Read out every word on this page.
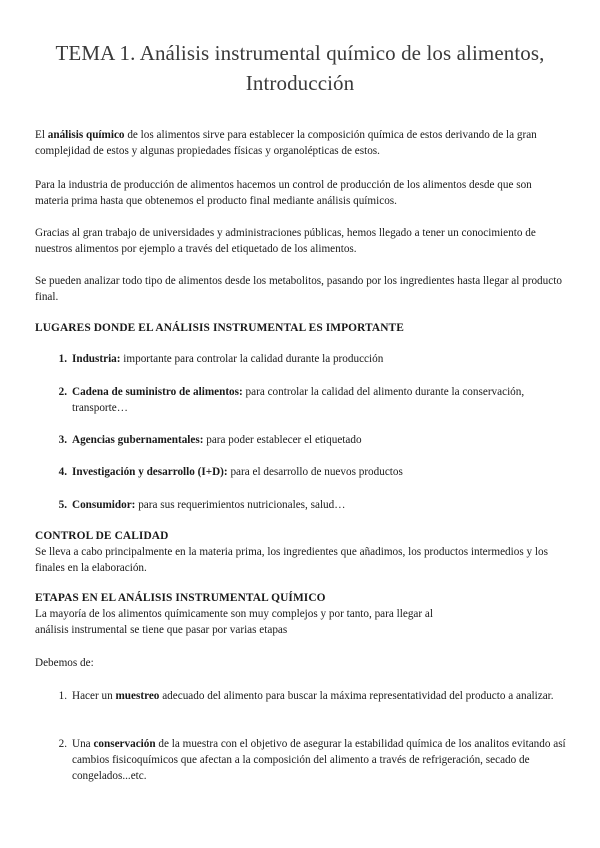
TEMA 1. Análisis instrumental químico de los alimentos,
Introducción

El análisis químico de los alimentos sirve para establecer la composición química de estos derivando de la gran complejidad de estos y algunas propiedades físicas y organolépticas de estos.

Para la industria de producción de alimentos hacemos un control de producción de los alimentos desde que son materia prima hasta que obtenemos el producto final mediante análisis químicos.

Gracias al gran trabajo de universidades y administraciones públicas, hemos llegado a tener un conocimiento de nuestros alimentos por ejemplo a través del etiquetado de los alimentos.

Se pueden analizar todo tipo de alimentos desde los metabolitos, pasando por los ingredientes hasta llegar al producto final.

LUGARES DONDE EL ANÁLISIS INSTRUMENTAL ES IMPORTANTE

1. Industria: importante para controlar la calidad durante la producción
2. Cadena de suministro de alimentos: para controlar la calidad del alimento durante la conservación, transporte…
3. Agencias gubernamentales: para poder establecer el etiquetado
4. Investigación y desarrollo (I+D): para el desarrollo de nuevos productos
5. Consumidor: para sus requerimientos nutricionales, salud…

CONTROL DE CALIDAD

Se lleva a cabo principalmente en la materia prima, los ingredientes que añadimos, los productos intermedios y los finales en la elaboración.

ETAPAS EN EL ANÁLISIS INSTRUMENTAL QUÍMICO

La mayoría de los alimentos químicamente son muy complejos y por tanto, para llegar al

análisis instrumental se tiene que pasar por varias etapas

Debemos de:

1. Hacer un muestreo adecuado del alimento para buscar la máxima representatividad del producto a analizar.
2. Una conservación de la muestra con el objetivo de asegurar la estabilidad química de los analitos evitando así cambios fisicoquímicos que afectan a la composición del alimento a través de refrigeración, secado de congelados...etc.
